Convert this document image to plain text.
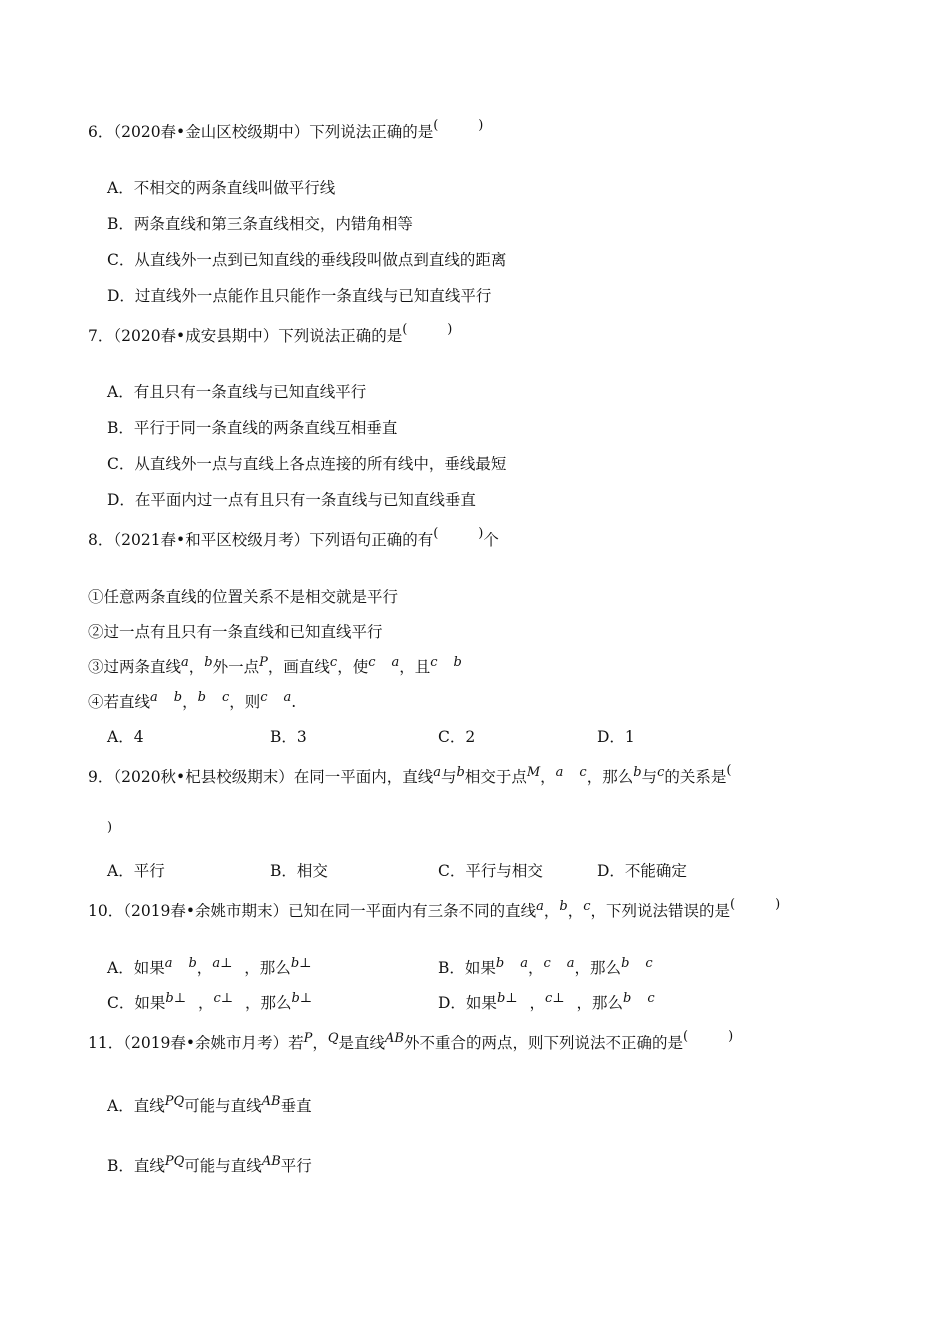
6．（2020春•金山区校级期中）下列说法正确的是(	)
A．不相交的两条直线叫做平行线
B．两条直线和第三条直线相交，内错角相等
C．从直线外一点到已知直线的垂线段叫做点到直线的距离
D．过直线外一点能作且只能作一条直线与已知直线平行
7．（2020春•成安县期中）下列说法正确的是(	)
A．有且只有一条直线与已知直线平行
B．平行于同一条直线的两条直线互相垂直
C．从直线外一点与直线上各点连接的所有线中，垂线最短
D．在平面内过一点有且只有一条直线与已知直线垂直
8．（2021春•和平区校级月考）下列语句正确的有(	)个
①任意两条直线的位置关系不是相交就是平行
②过一点有且只有一条直线和已知直线平行
③过两条直线$^a$，$^b$外一点$^P$，画直线$^c$，使$^c$ $^a$，且$^c$ $^b$
④若直线$^a$ $^b$，$^b$ $^c$，则$^c$ $^a$.
A．4	B．3	C．2	D．1
9．（2020秋•杞县校级期末）在同一平面内，直线$^a$与$^b$相交于点$^M$，$^a$ $^c$，那么$^b$与$^c$的关系是(
)
A．平行	B．相交	C．平行与相交	D．不能确定
10．（2019春•余姚市期末）已知在同一平面内有三条不同的直线$^a$，$^b$，$^c$，下列说法错误的是(	)
A．如果$^a$ $^b$，$^{a\perp}$ ，那么$^{b\perp}$	B．如果$^b$ $^a$，$^c$ $^a$，那么$^b$ $^c$
C．如果$^{b\perp}$ ，$^{c\perp}$ ，那么$^{b\perp}$	D．如果$^{b\perp}$ ，$^{c\perp}$ ，那么$^b$ $^c$
11．（2019春•余姚市月考）若$^P$，$^Q$是直线$^{AB}$外不重合的两点，则下列说法不正确的是(	)
A．直线$^{PQ}$可能与直线$^{AB}$垂直
B．直线$^{PQ}$可能与直线$^{AB}$平行
